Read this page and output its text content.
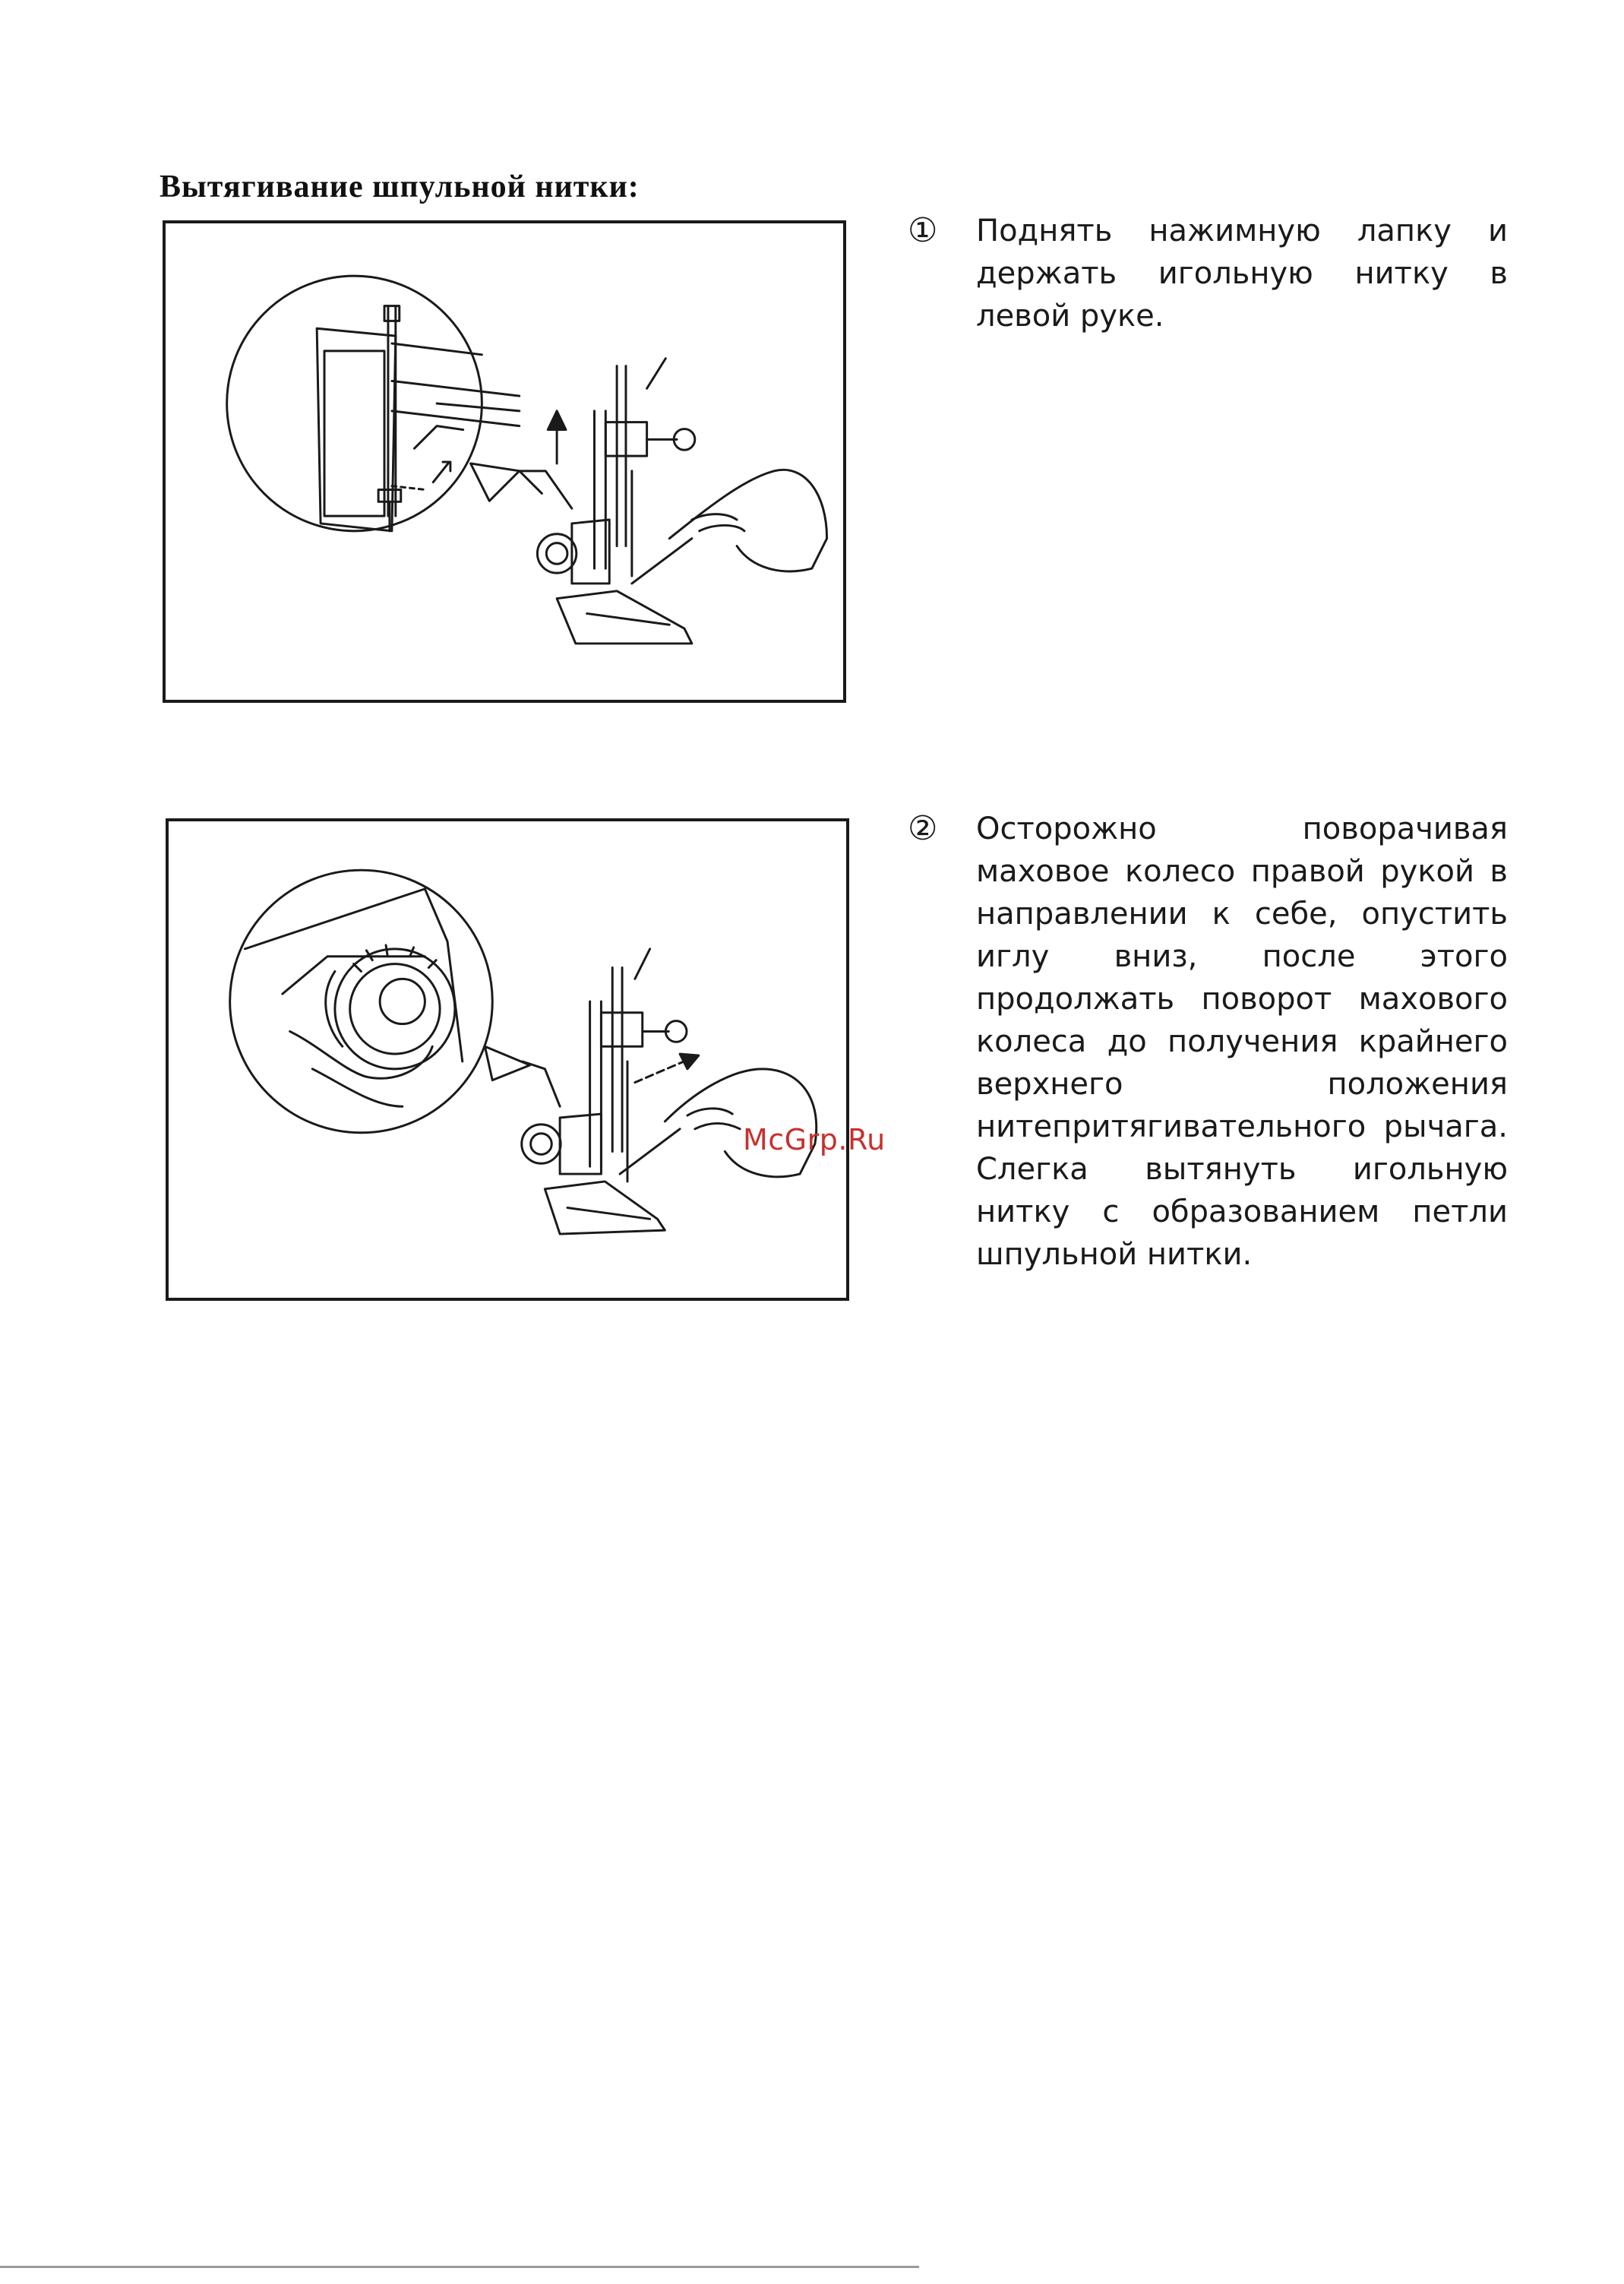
Вытягивание шпульной нитки:
① Поднять нажимную лапку и держать игольную нитку в левой руке.
② Осторожно поворачивая маховое колесо правой рукой в направлении к себе, опустить иглу вниз, после этого продолжать поворот махового колеса до получения крайнего верхнего положения нитепритягивательного рычага. Слегка вытянуть игольную нитку с образованием петли шпульной нитки.
McGrp.Ru
